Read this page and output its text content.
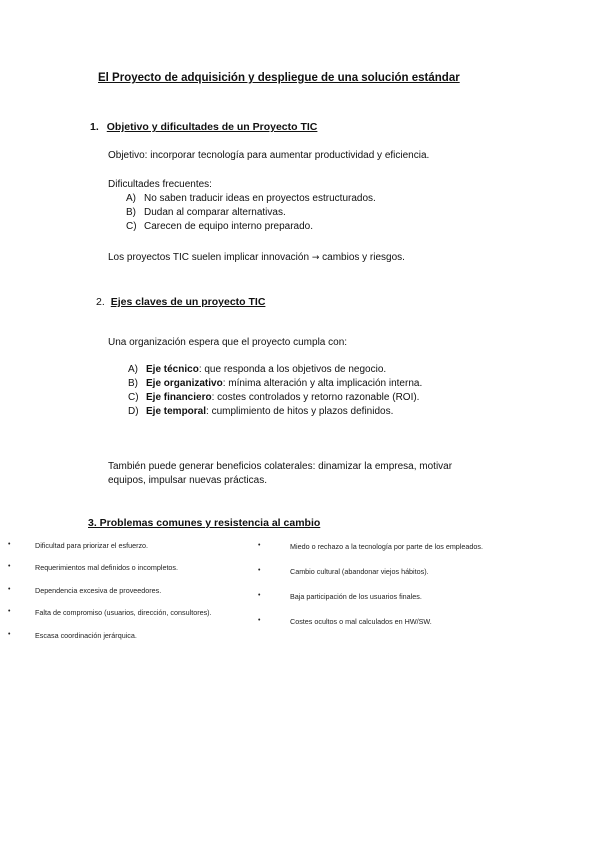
El Proyecto de adquisición y despliegue de una solución estándar
1. Objetivo y dificultades de un Proyecto TIC
Objetivo: incorporar tecnología para aumentar productividad y eficiencia.
Dificultades frecuentes:
A) No saben traducir ideas en proyectos estructurados.
B) Dudan al comparar alternativas.
C) Carecen de equipo interno preparado.
Los proyectos TIC suelen implicar innovación → cambios y riesgos.
2. Ejes claves de un proyecto TIC
Una organización espera que el proyecto cumpla con:
A) Eje técnico: que responda a los objetivos de negocio.
B) Eje organizativo: mínima alteración y alta implicación interna.
C) Eje financiero: costes controlados y retorno razonable (ROI).
D) Eje temporal: cumplimiento de hitos y plazos definidos.
También puede generar beneficios colaterales: dinamizar la empresa, motivar
equipos, impulsar nuevas prácticas.
3. Problemas comunes y resistencia al cambio
•	Dificultad para priorizar el esfuerzo.
•	Requerimientos mal definidos o incompletos.
•	Dependencia excesiva de proveedores.
•	Falta de compromiso (usuarios, dirección, consultores).
•	Escasa coordinación jerárquica.
•	Miedo o rechazo a la tecnología por parte de los empleados.
•	Cambio cultural (abandonar viejos hábitos).
•	Baja participación de los usuarios finales.
•	Costes ocultos o mal calculados en HW/SW.
